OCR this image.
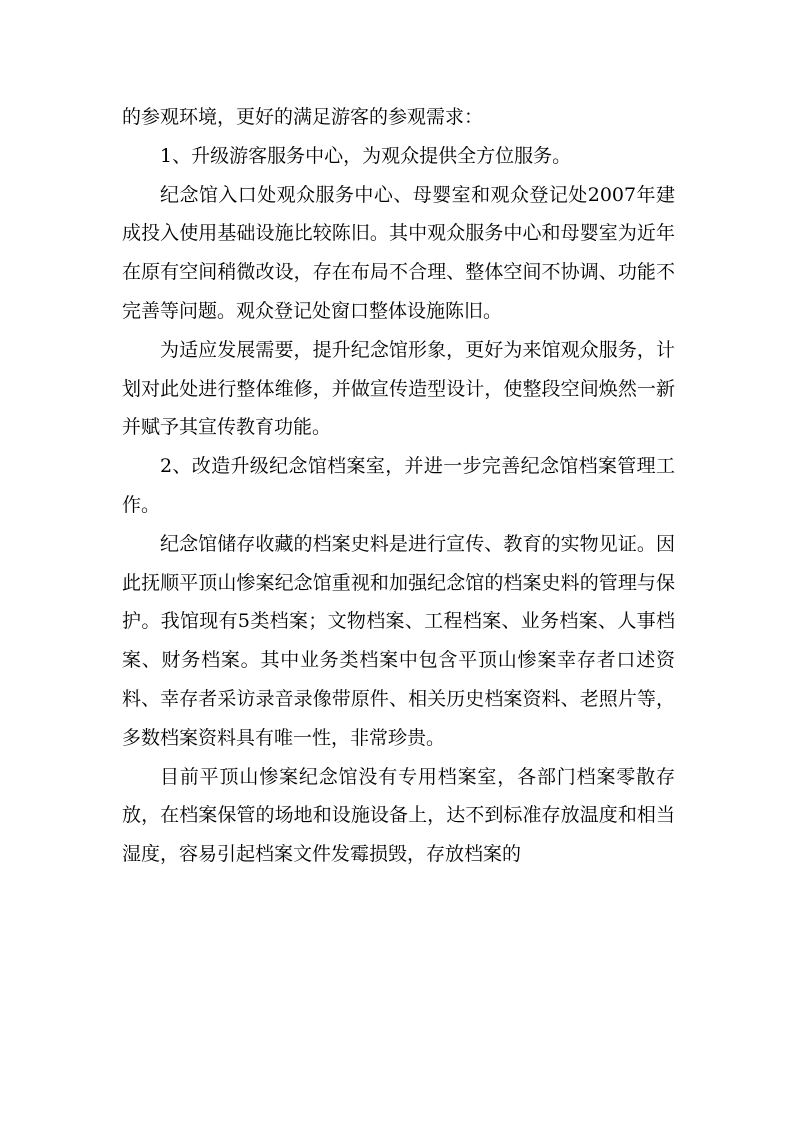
的参观环境，更好的满足游客的参观需求：

1、升级游客服务中心，为观众提供全方位服务。

纪念馆入口处观众服务中心、母婴室和观众登记处2007年建成投入使用基础设施比较陈旧。其中观众服务中心和母婴室为近年在原有空间稍微改设，存在布局不合理、整体空间不协调、功能不完善等问题。观众登记处窗口整体设施陈旧。

为适应发展需要，提升纪念馆形象，更好为来馆观众服务，计划对此处进行整体维修，并做宣传造型设计，使整段空间焕然一新并赋予其宣传教育功能。

2、改造升级纪念馆档案室，并进一步完善纪念馆档案管理工作。

纪念馆储存收藏的档案史料是进行宣传、教育的实物见证。因此抚顺平顶山惨案纪念馆重视和加强纪念馆的档案史料的管理与保护。我馆现有5类档案；文物档案、工程档案、业务档案、人事档案、财务档案。其中业务类档案中包含平顶山惨案幸存者口述资料、幸存者采访录音录像带原件、相关历史档案资料、老照片等，多数档案资料具有唯一性，非常珍贵。

目前平顶山惨案纪念馆没有专用档案室，各部门档案零散存放，在档案保管的场地和设施设备上，达不到标准存放温度和相当湿度，容易引起档案文件发霉损毁，存放档案的
